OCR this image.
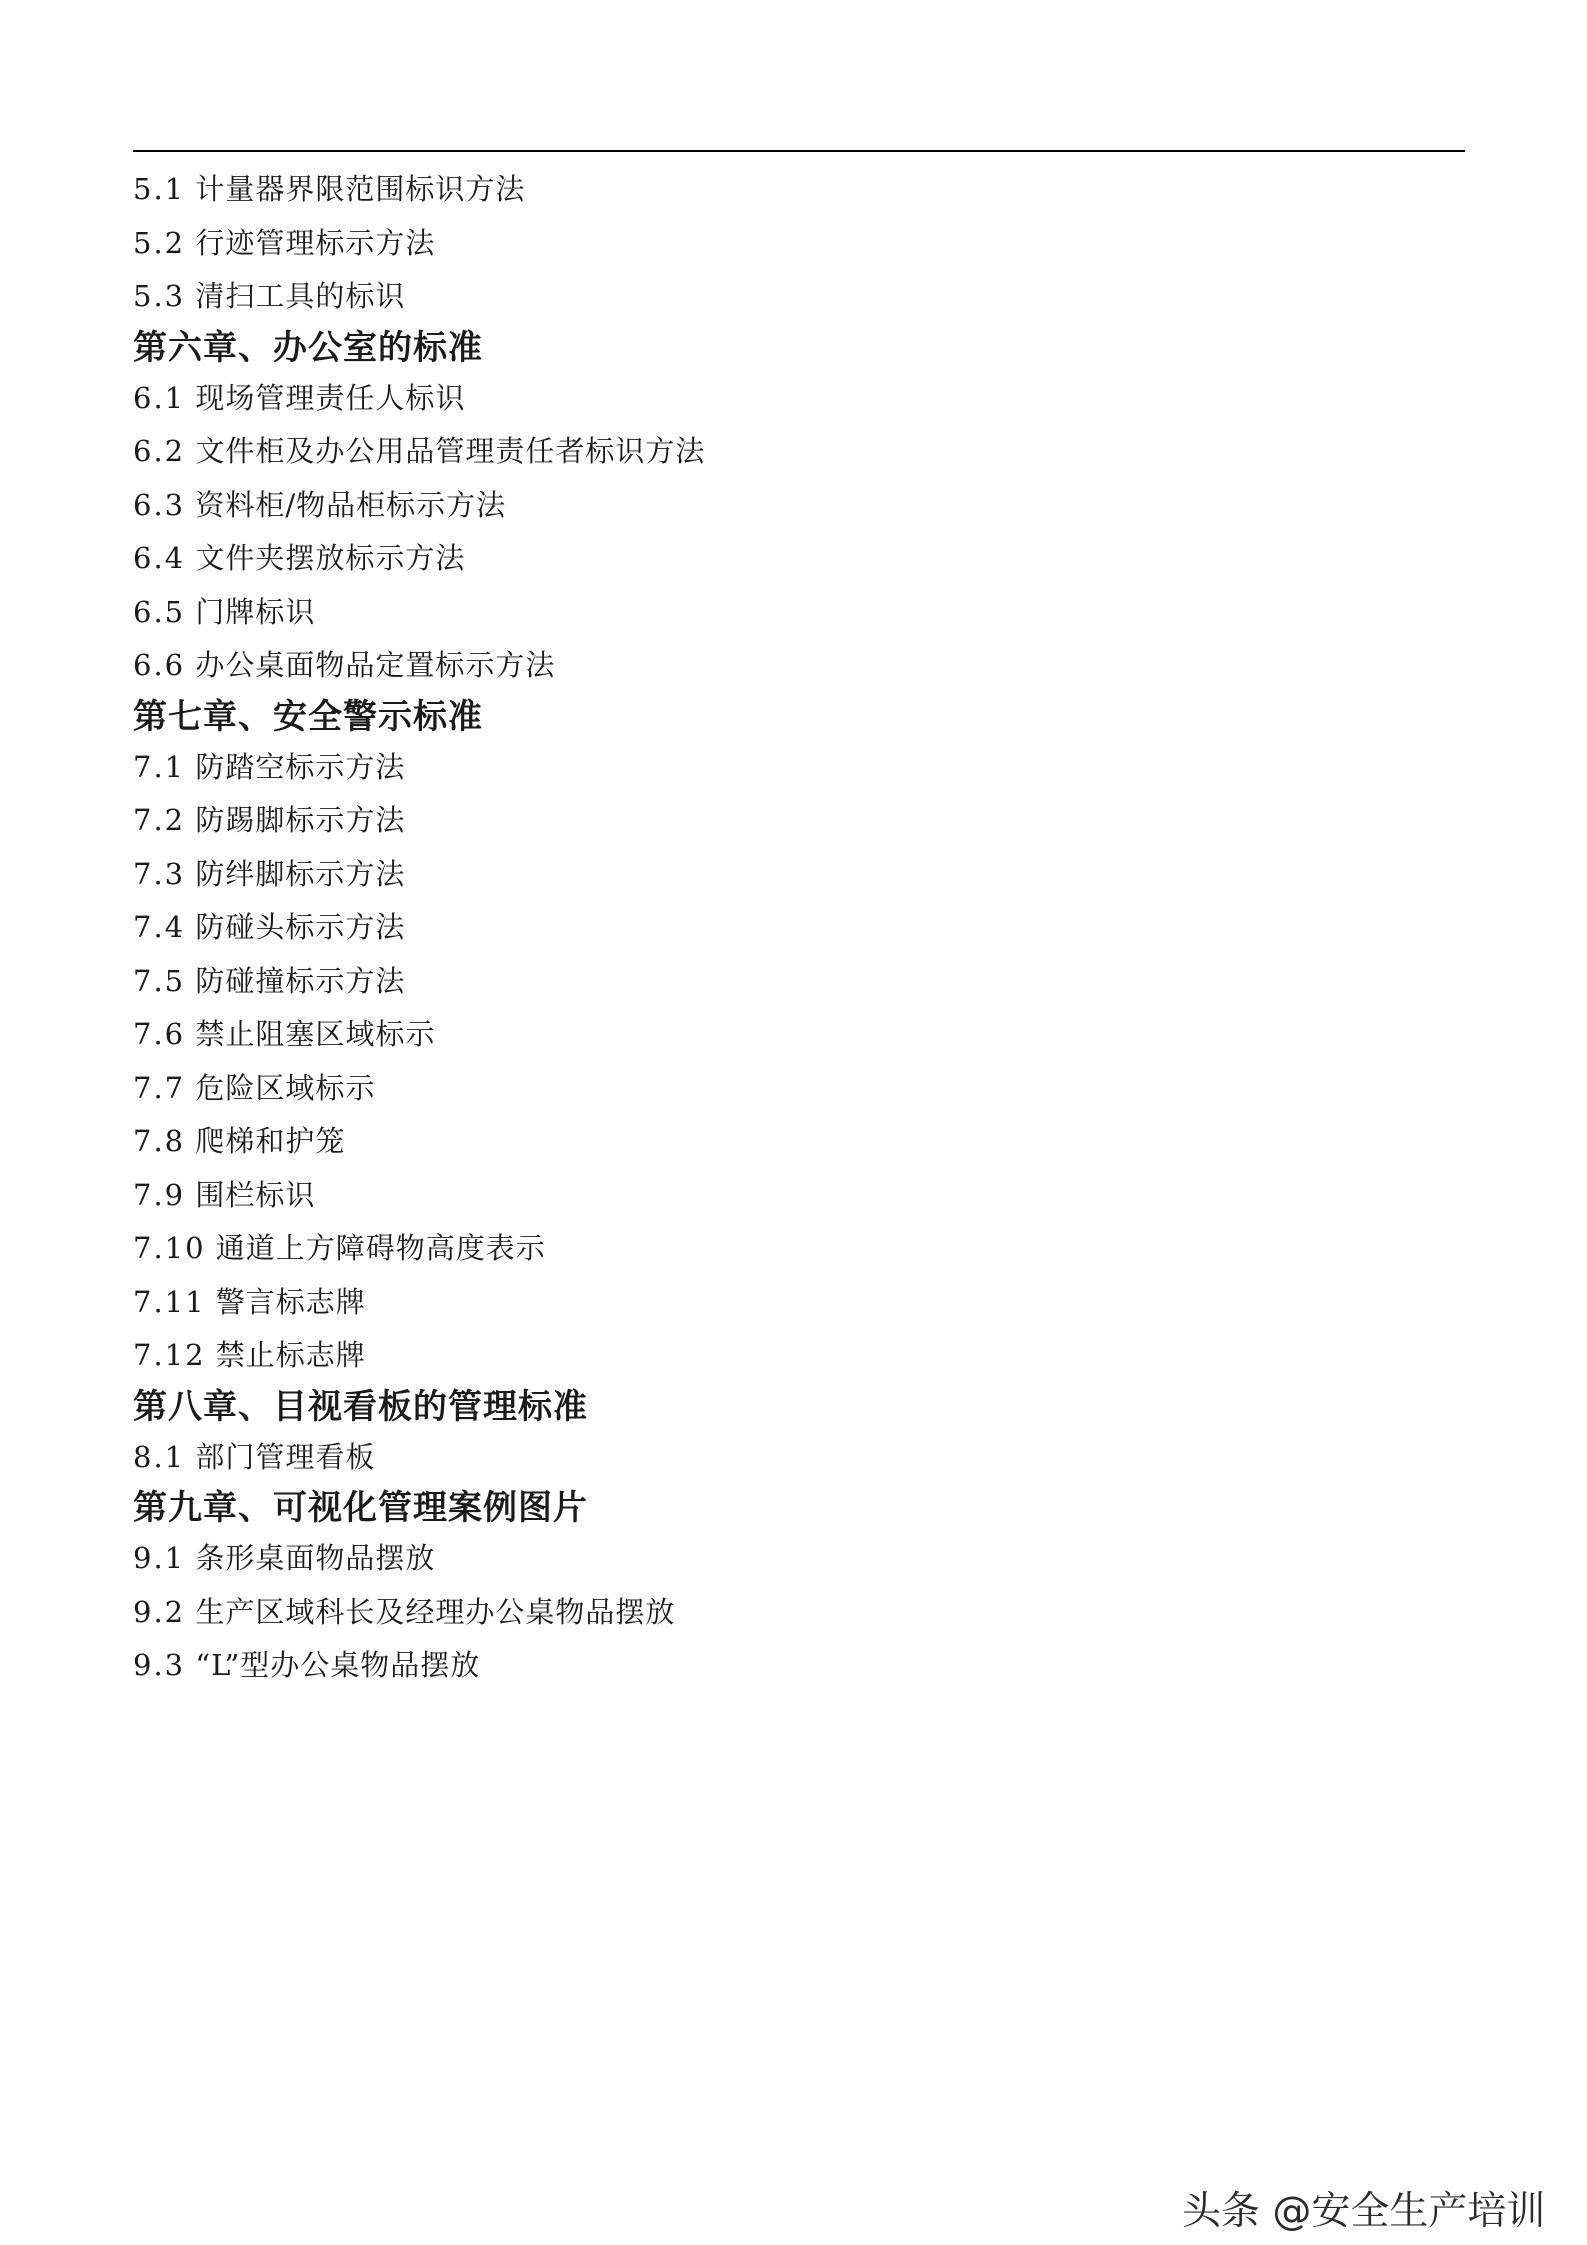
5.1 计量器界限范围标识方法
5.2 行迹管理标示方法
5.3 清扫工具的标识
第六章、办公室的标准
6.1 现场管理责任人标识
6.2 文件柜及办公用品管理责任者标识方法
6.3 资料柜/物品柜标示方法
6.4 文件夹摆放标示方法
6.5 门牌标识
6.6 办公桌面物品定置标示方法
第七章、安全警示标准
7.1 防踏空标示方法
7.2 防踢脚标示方法
7.3 防绊脚标示方法
7.4 防碰头标示方法
7.5 防碰撞标示方法
7.6 禁止阻塞区域标示
7.7 危险区域标示
7.8 爬梯和护笼
7.9 围栏标识
7.10 通道上方障碍物高度表示
7.11 警言标志牌
7.12 禁止标志牌
第八章、目视看板的管理标准
8.1 部门管理看板
第九章、可视化管理案例图片
9.1 条形桌面物品摆放
9.2 生产区域科长及经理办公桌物品摆放
9.3 “L”型办公桌物品摆放
头条 @安全生产培训
